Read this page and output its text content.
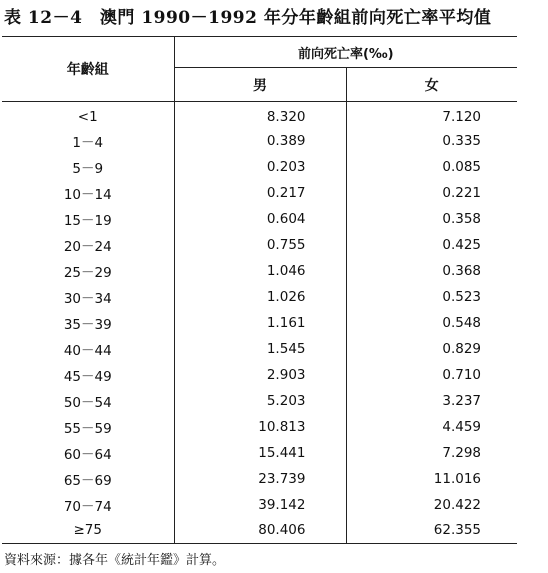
表 12－4　澳門 1990－1992 年分年齡組前向死亡率平均值
年齡組	前向死亡率(‰)	
	男	女
<1	8.320	7.120
1－4	0.389	0.335
5－9	0.203	0.085
10－14	0.217	0.221
15－19	0.604	0.358
20－24	0.755	0.425
25－29	1.046	0.368
30－34	1.026	0.523
35－39	1.161	0.548
40－44	1.545	0.829
45－49	2.903	0.710
50－54	5.203	3.237
55－59	10.813	4.459
60－64	15.441	7.298
65－69	23.739	11.016
70－74	39.142	20.422
≥75	80.406	62.355
資料來源：據各年《統計年鑑》計算。
